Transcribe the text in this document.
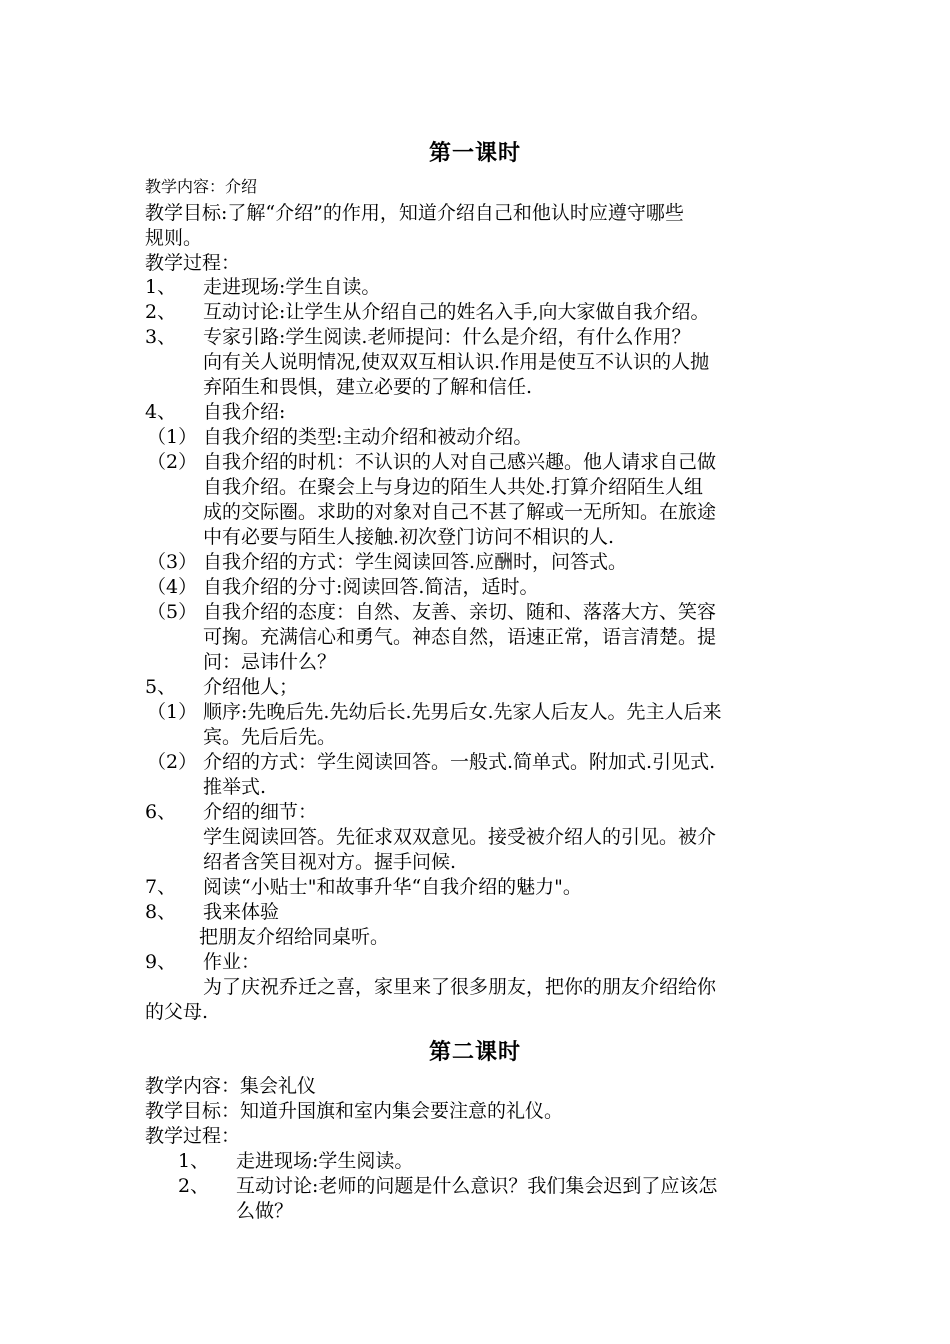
第一课时
教学内容：介绍
教学目标:了解“介绍”的作用，知道介绍自己和他认时应遵守哪些
规则。
教学过程：
1、 走进现场:学生自读。
2、 互动讨论:让学生从介绍自己的姓名入手,向大家做自我介绍。
3、 专家引路:学生阅读.老师提问：什么是介绍，有什么作用？
向有关人说明情况,使双双互相认识.作用是使互不认识的人抛
弃陌生和畏惧，建立必要的了解和信任.
4、 自我介绍:
（1） 自我介绍的类型:主动介绍和被动介绍。
（2） 自我介绍的时机：不认识的人对自己感兴趣。他人请求自己做
自我介绍。在聚会上与身边的陌生人共处.打算介绍陌生人组
成的交际圈。求助的对象对自己不甚了解或一无所知。在旅途
中有必要与陌生人接触.初次登门访问不相识的人.
（3） 自我介绍的方式：学生阅读回答.应酬时，问答式。
（4） 自我介绍的分寸:阅读回答.简洁，适时。
（5） 自我介绍的态度：自然、友善、亲切、随和、落落大方、笑容
可掬。充满信心和勇气。神态自然，语速正常，语言清楚。提
问：忌讳什么？
5、 介绍他人；
（1） 顺序:先晚后先.先幼后长.先男后女.先家人后友人。先主人后来
宾。先后后先。
（2） 介绍的方式：学生阅读回答。一般式.简单式。附加式.引见式.
推举式.
6、 介绍的细节：
学生阅读回答。先征求双双意见。接受被介绍人的引见。被介
绍者含笑目视对方。握手问候.
7、 阅读“小贴士"和故事升华“自我介绍的魅力"。
8、 我来体验
把朋友介绍给同桌听。
9、 作业：
为了庆祝乔迁之喜，家里来了很多朋友，把你的朋友介绍给你
的父母.
第二课时
教学内容：集会礼仪
教学目标：知道升国旗和室内集会要注意的礼仪。
教学过程：
1、 走进现场:学生阅读。
2、 互动讨论:老师的问题是什么意识？我们集会迟到了应该怎
么做？
